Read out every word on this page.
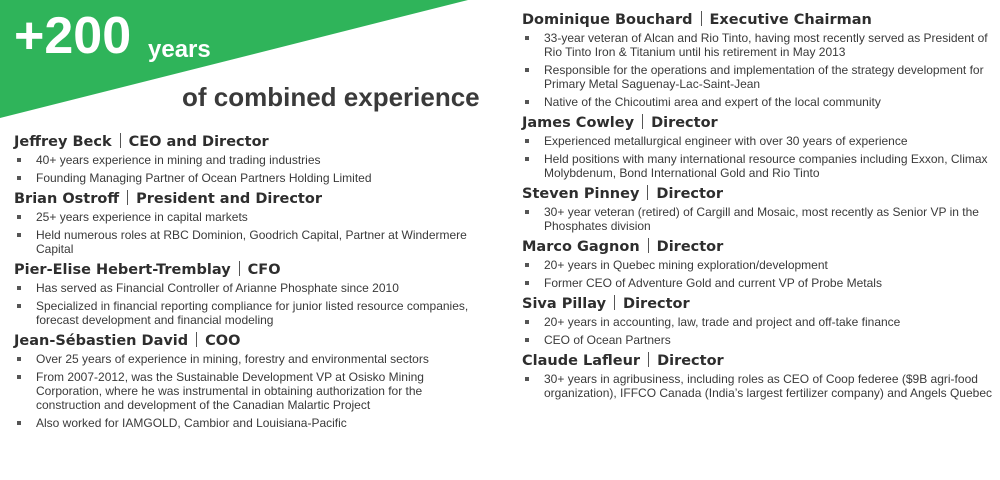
+200 years
of combined experience
Jeffrey Beck CEO and Director
40+ years experience in mining and trading industries
Founding Managing Partner of Ocean Partners Holding Limited
Brian Ostroff President and Director
25+ years experience in capital markets
Held numerous roles at RBC Dominion, Goodrich Capital, Partner at Windermere Capital
Pier-Elise Hebert-Tremblay CFO
Has served as Financial Controller of Arianne Phosphate since 2010
Specialized in financial reporting compliance for junior listed resource companies, forecast development and financial modeling
Jean-Sébastien David COO
Over 25 years of experience in mining, forestry and environmental sectors
From 2007-2012, was the Sustainable Development VP at Osisko Mining Corporation, where he was instrumental in obtaining authorization for the construction and development of the Canadian Malartic Project
Also worked for IAMGOLD, Cambior and Louisiana-Pacific
Dominique Bouchard Executive Chairman
33-year veteran of Alcan and Rio Tinto, having most recently served as President of Rio Tinto Iron & Titanium until his retirement in May 2013
Responsible for the operations and implementation of the strategy development for Primary Metal Saguenay-Lac-Saint-Jean
Native of the Chicoutimi area and expert of the local community
James Cowley Director
Experienced metallurgical engineer with over 30 years of experience
Held positions with many international resource companies including Exxon, Climax Molybdenum, Bond International Gold and Rio Tinto
Steven Pinney Director
30+ year veteran (retired) of Cargill and Mosaic, most recently as Senior VP in the Phosphates division
Marco Gagnon Director
20+ years in Quebec mining exploration/development
Former CEO of Adventure Gold and current VP of Probe Metals
Siva Pillay Director
20+ years in accounting, law, trade and project and off-take finance
CEO of Ocean Partners
Claude Lafleur Director
30+ years in agribusiness, including roles as CEO of Coop federee ($9B agri-food organization), IFFCO Canada (India’s largest fertilizer company) and Angels Quebec
